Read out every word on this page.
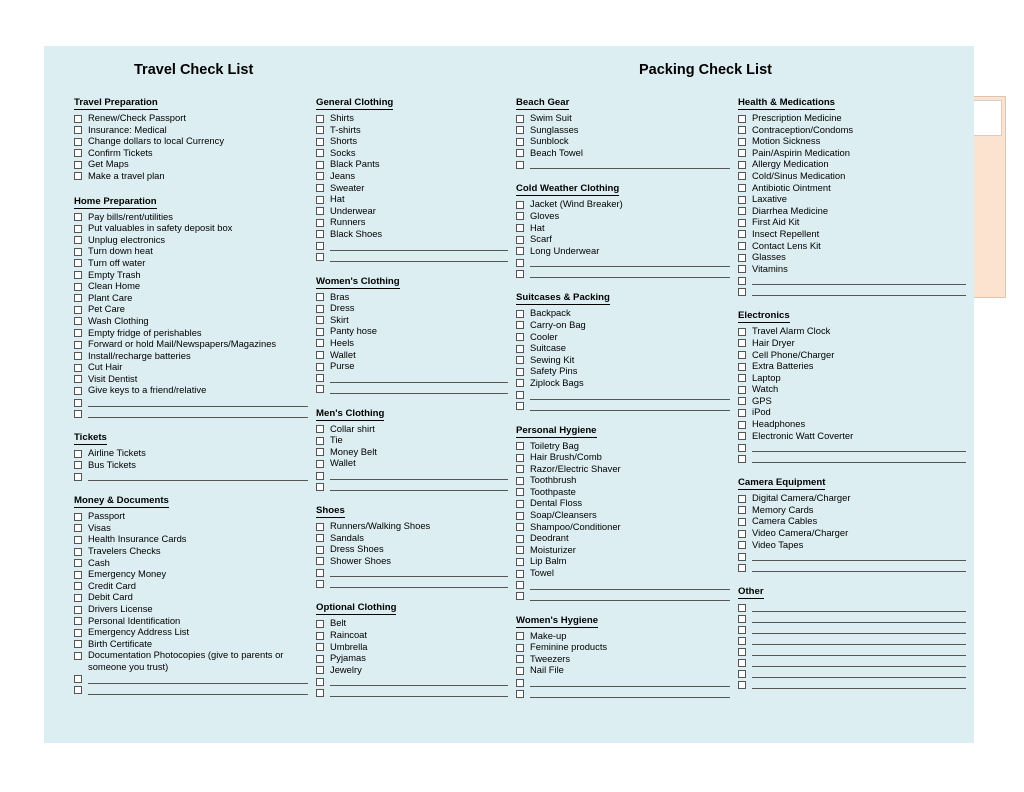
Travel Check List	Packing Check List
Travel Preparation
Renew/Check Passport
Insurance: Medical
Change dollars to local Currency
Confirm Tickets
Get Maps
Make a travel plan
Home Preparation
Pay bills/rent/utilities
Put valuables in safety deposit box
Unplug electronics
Turn down heat
Turn off water
Empty Trash
Clean Home
Plant Care
Pet Care
Wash Clothing
Empty fridge of perishables
Forward or hold Mail/Newspapers/Magazines
Install/recharge batteries
Cut Hair
Visit Dentist
Give keys to a friend/relative
Tickets
Airline Tickets
Bus Tickets
Money & Documents
Passport
Visas
Health Insurance Cards
Travelers Checks
Cash
Emergency Money
Credit Card
Debit Card
Drivers License
Personal Identification
Emergency Address List
Birth Certificate
Documentation Photocopies (give to parents or someone you trust)
General Clothing
Shirts
T-shirts
Shorts
Socks
Black Pants
Jeans
Sweater
Hat
Underwear
Runners
Black Shoes
Women's Clothing
Bras
Dress
Skirt
Panty hose
Heels
Wallet
Purse
Men's Clothing
Collar shirt
Tie
Money Belt
Wallet
Shoes
Runners/Walking Shoes
Sandals
Dress Shoes
Shower Shoes
Optional Clothing
Belt
Raincoat
Umbrella
Pyjamas
Jewelry
Beach Gear
Swim Suit
Sunglasses
Sunblock
Beach Towel
Cold Weather Clothing
Jacket (Wind Breaker)
Gloves
Hat
Scarf
Long Underwear
Suitcases & Packing
Backpack
Carry-on Bag
Cooler
Suitcase
Sewing Kit
Safety Pins
Ziplock Bags
Personal Hygiene
Toiletry Bag
Hair Brush/Comb
Razor/Electric Shaver
Toothbrush
Toothpaste
Dental Floss
Soap/Cleansers
Shampoo/Conditioner
Deodrant
Moisturizer
Lip Balm
Towel
Women's Hygiene
Make-up
Feminine products
Tweezers
Nail File
Health & Medications
Prescription Medicine
Contraception/Condoms
Motion Sickness
Pain/Aspirin Medication
Allergy Medication
Cold/Sinus Medication
Antibiotic Ointment
Laxative
Diarrhea Medicine
First Aid Kit
Insect Repellent
Contact Lens Kit
Glasses
Vitamins
Electronics
Travel Alarm Clock
Hair Dryer
Cell Phone/Charger
Extra Batteries
Laptop
Watch
GPS
iPod
Headphones
Electronic Watt Coverter
Camera Equipment
Digital Camera/Charger
Memory Cards
Camera Cables
Video Camera/Charger
Video Tapes
Other
